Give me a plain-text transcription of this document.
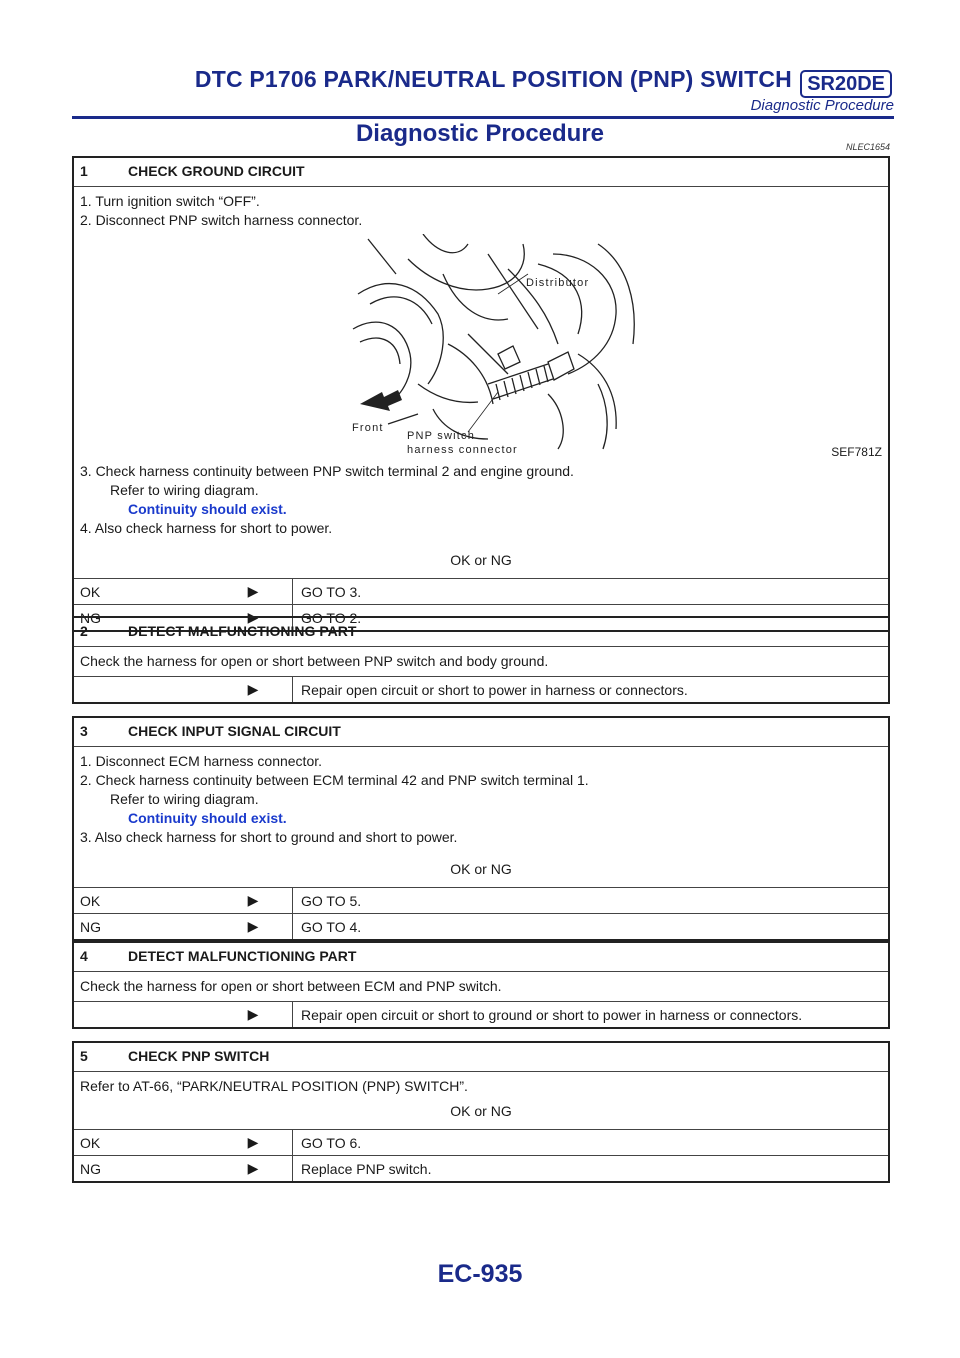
DTC P1706 PARK/NEUTRAL POSITION (PNP) SWITCH SR20DE
Diagnostic Procedure
Diagnostic Procedure	NLEC1654
1	CHECK GROUND CIRCUIT
1. Turn ignition switch “OFF”.
2. Disconnect PNP switch harness connector.
Distributor
Front
PNP switch
harness connector	SEF781Z
3. Check harness continuity between PNP switch terminal 2 and engine ground.
Refer to wiring diagram.
Continuity should exist.
4. Also check harness for short to power.
OK or NG
OK	▶	GO TO 3.
NG	▶	GO TO 2.
2	DETECT MALFUNCTIONING PART
Check the harness for open or short between PNP switch and body ground.
▶	Repair open circuit or short to power in harness or connectors.
3	CHECK INPUT SIGNAL CIRCUIT
1. Disconnect ECM harness connector.
2. Check harness continuity between ECM terminal 42 and PNP switch terminal 1.
Refer to wiring diagram.
Continuity should exist.
3. Also check harness for short to ground and short to power.
OK or NG
OK	▶	GO TO 5.
NG	▶	GO TO 4.
4	DETECT MALFUNCTIONING PART
Check the harness for open or short between ECM and PNP switch.
▶	Repair open circuit or short to ground or short to power in harness or connectors.
5	CHECK PNP SWITCH
Refer to AT-66, “PARK/NEUTRAL POSITION (PNP) SWITCH”.
OK or NG
OK	▶	GO TO 6.
NG	▶	Replace PNP switch.
EC-935
